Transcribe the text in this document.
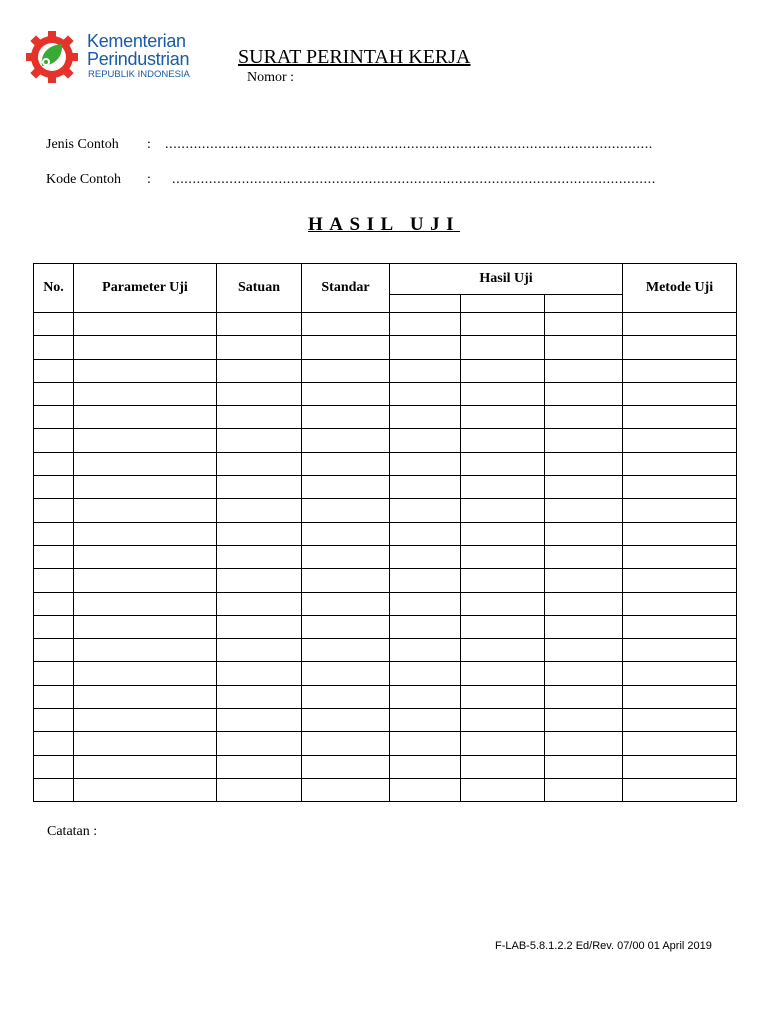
Kementerian
Perindustrian
REPUBLIK INDONESIA
SURAT PERINTAH KERJA
Nomor :
Jenis Contoh : .......................................................................................................................
Kode Contoh : ......................................................................................................................
HASIL UJI
No.	Parameter Uji	Satuan	Standar	Hasil Uji			Metode Uji

Catatan :
F-LAB-5.8.1.2.2 Ed/Rev. 07/00 01 April 2019
